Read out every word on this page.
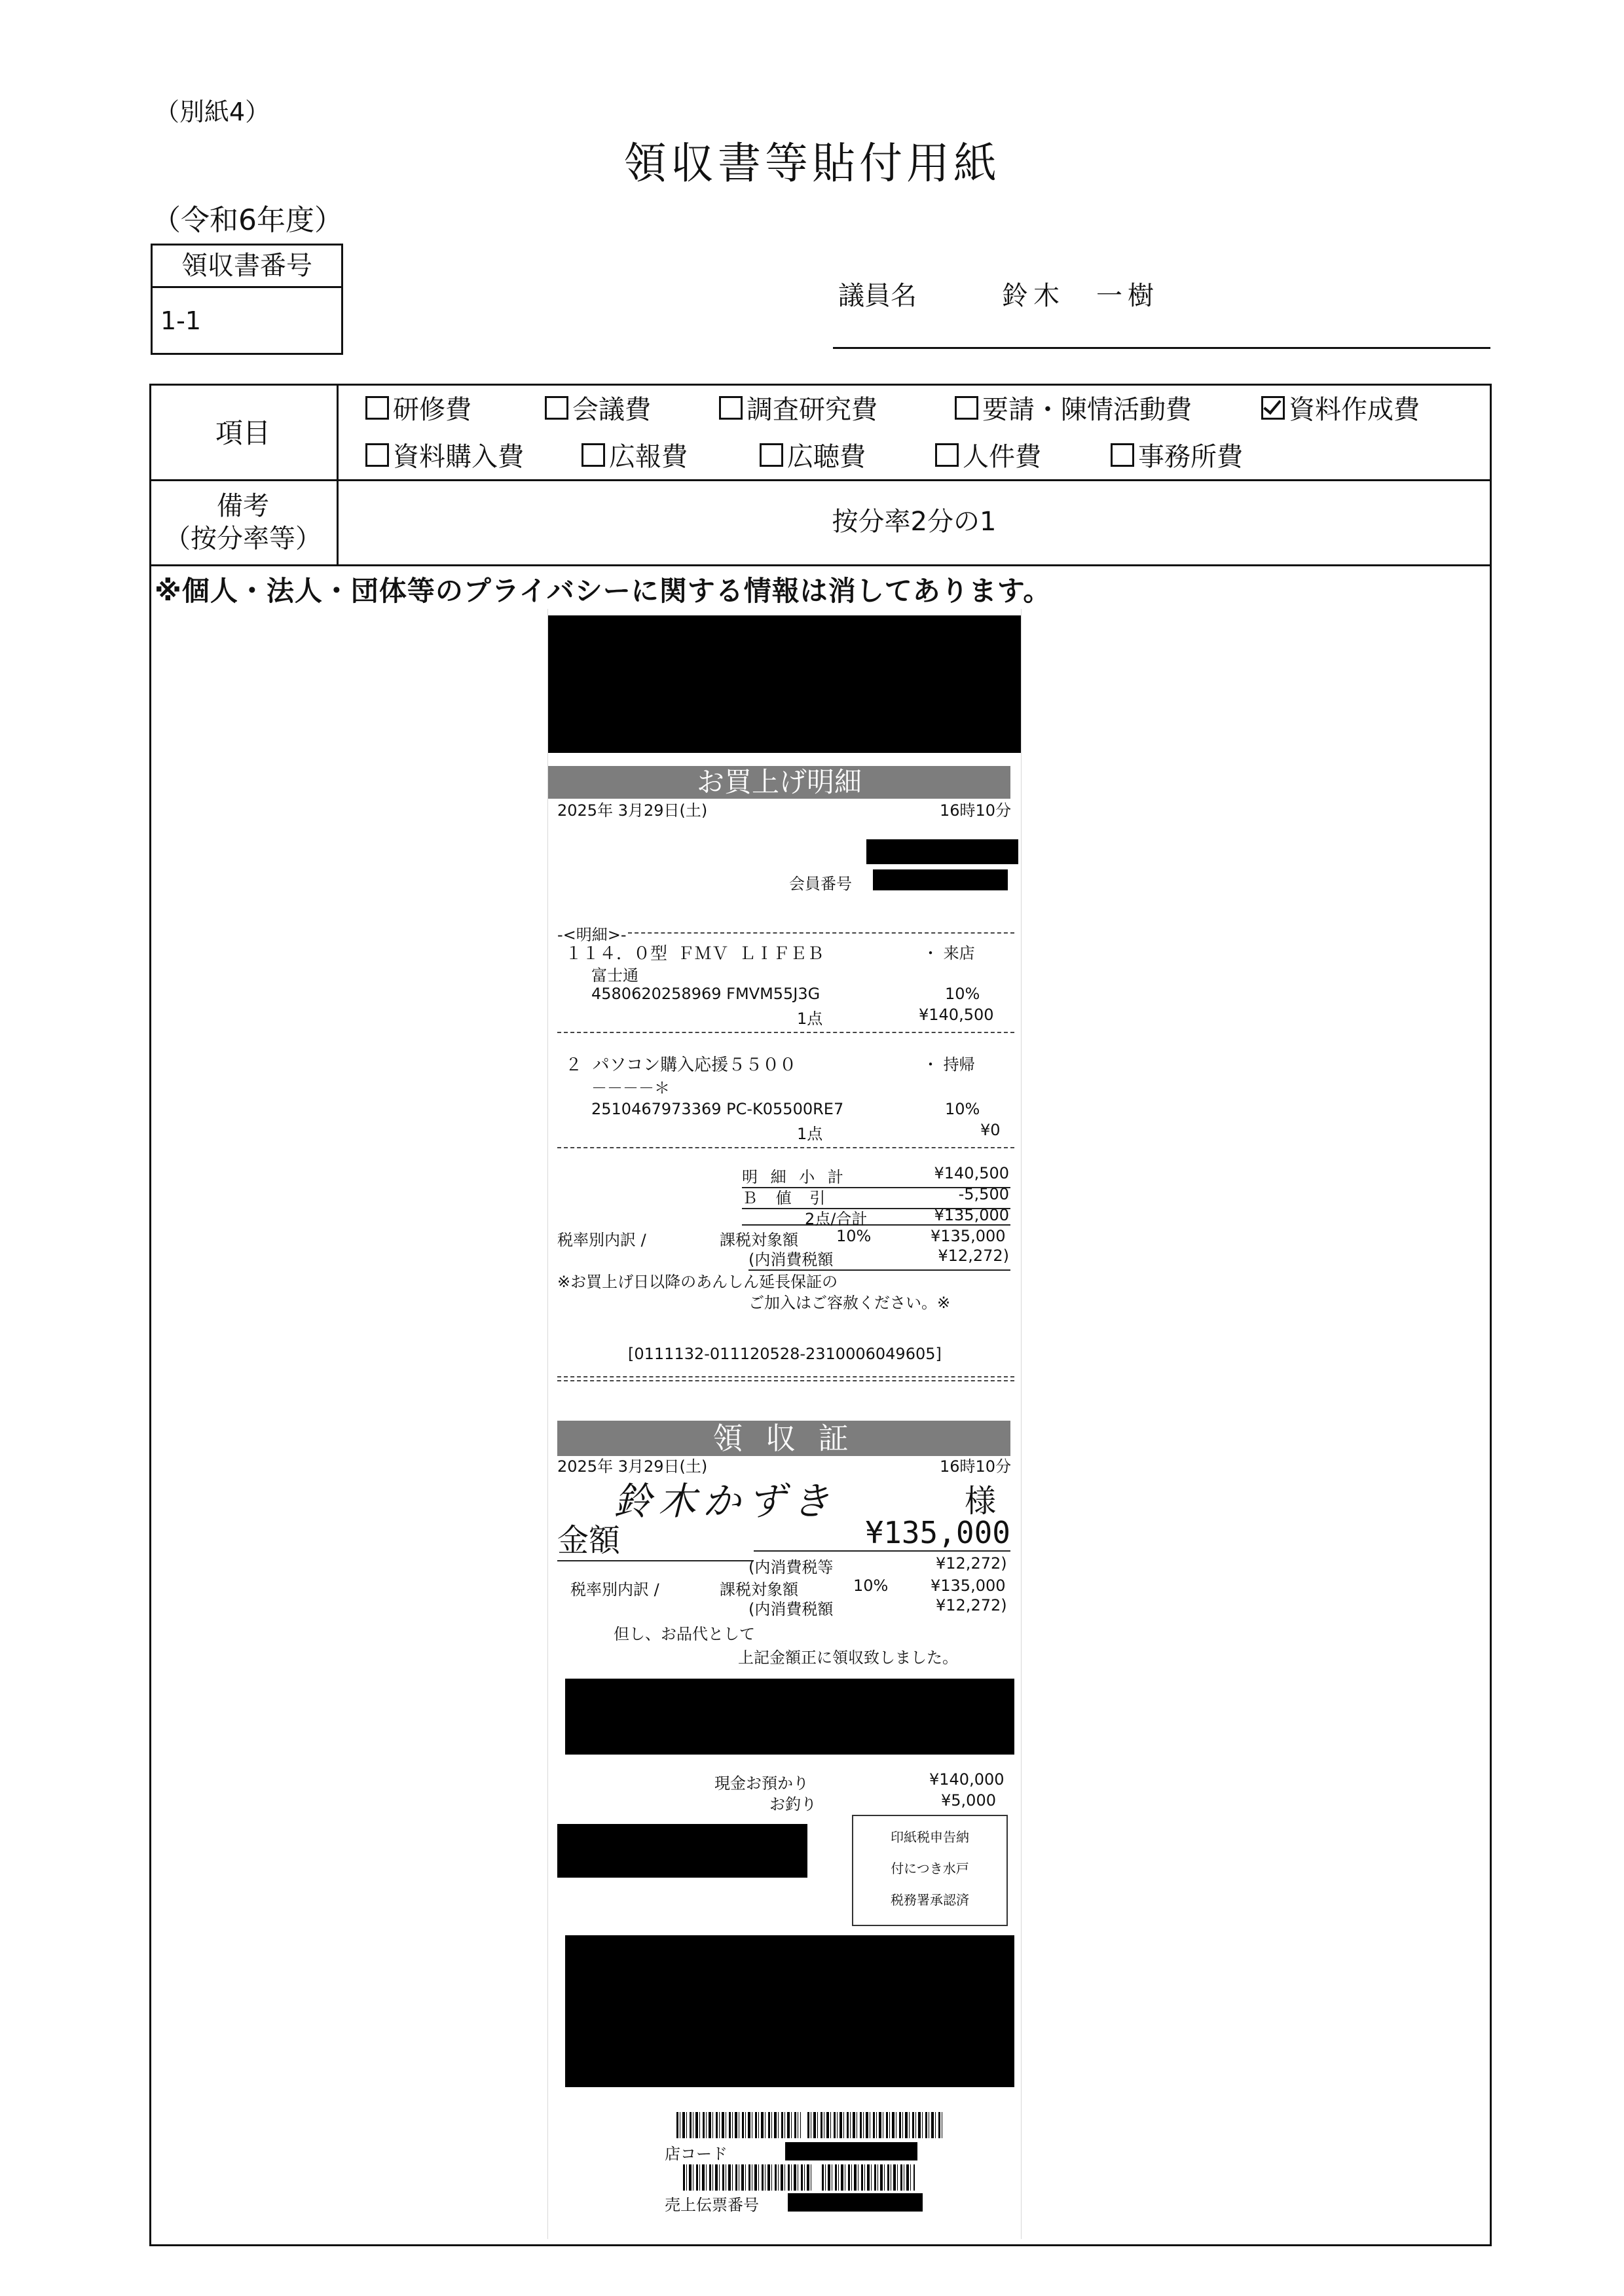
（別紙4）
領収書等貼付用紙
（令和6年度）
領収書番号
1-1
議員名	鈴木　一樹
項目
研修費	会議費	調査研究費	要請・陳情活動費	資料作成費
資料購入費	広報費	広聴費	人件費	事務所費
備考
（按分率等）
按分率2分の1
※個人・法人・団体等のプライバシーに関する情報は消してあります。
お買上げ明細
2025年 3月29日(土)	16時10分
会員番号
-<明細>-
１１４．０型 ＦＭＶ ＬＩＦＥＢ	・ 来店
富士通
4580620258969 FMVM55J3G	10%
1点	¥140,500
２ パソコン購入応援５５００	・ 持帰
－－－－＊
2510467973369 PC-K05500RE7	10%
1点	¥0
明 細 小 計	¥140,500
Ｂ 値 引	-5,500
2点/合計	¥135,000

税率別内訳 /	課税対象額 10%	¥135,000
(内消費税額	¥12,272)
※お買上げ日以降のあんしん延長保証の
ご加入はご容赦ください。※
[0111132-011120528-2310006049605]
領 収 証
2025年 3月29日(土)	16時10分
鈴木かずき	様
金額	¥135,000
(内消費税等	¥12,272)
税率別内訳 /	課税対象額	10%	¥135,000
(内消費税額	¥12,272)
但し、お品代として
上記金額正に領収致しました。
現金お預かり	¥140,000
お釣り	¥5,000
印紙税申告納
付につき水戸
税務署承認済
店コード
売上伝票番号
